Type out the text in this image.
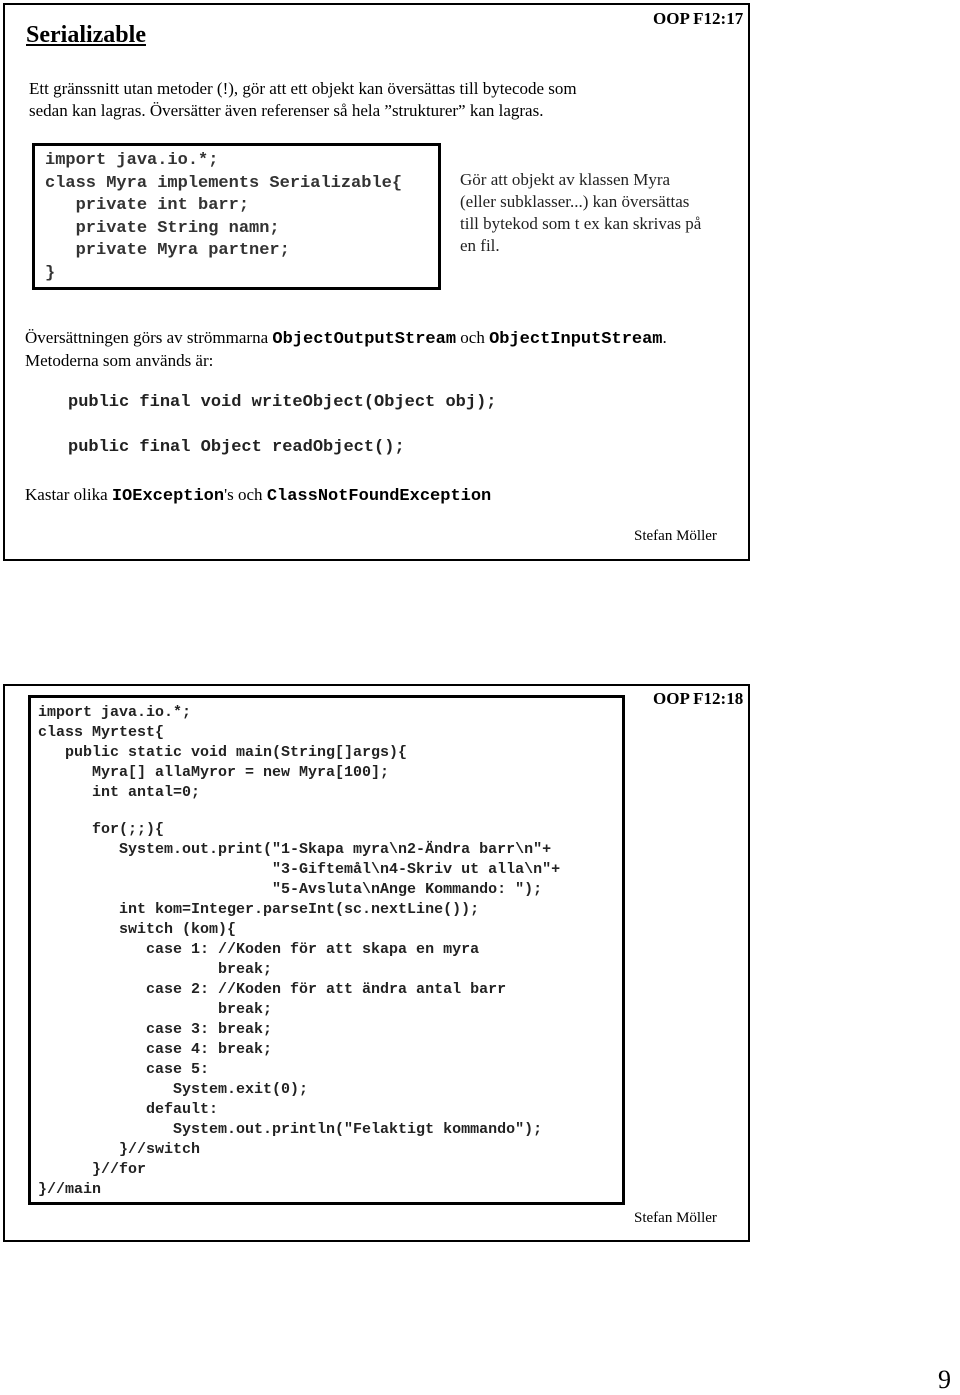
Serializable
OOP F12:17
Ett gränssnitt utan metoder (!), gör att ett objekt kan översättas till bytecode som
sedan kan lagras. Översätter även referenser så hela ”strukturer” kan lagras.
import java.io.*;
class Myra implements Serializable{
private int barr;
private String namn;
private Myra partner;
}
Gör att objekt av klassen Myra
(eller subklasser...) kan översättas
till bytekod som t ex kan skrivas på
en fil.
Översättningen görs av strömmarna ObjectOutputStream och ObjectInputStream.
Metoderna som används är:
public final void writeObject(Object obj);
public final Object readObject();
Kastar olika IOException's och ClassNotFoundException
Stefan Möller
OOP F12:18
import java.io.*;
class Myrtest{
public static void main(String[]args){
Myra[] allaMyror = new Myra[100];
int antal=0;
for(;;){
System.out.print("1-Skapa myra\n2-Ändra barr\n"+
"3-Giftemål\n4-Skriv ut alla\n"+
"5-Avsluta\nAnge Kommando: ");
int kom=Integer.parseInt(sc.nextLine());
switch (kom){
case 1: //Koden för att skapa en myra
break;
case 2: //Koden för att ändra antal barr
break;
case 3: break;
case 4: break;
case 5:
System.exit(0);
default:
System.out.println("Felaktigt kommando");
}//switch
}//for
}//main
Stefan Möller
9
